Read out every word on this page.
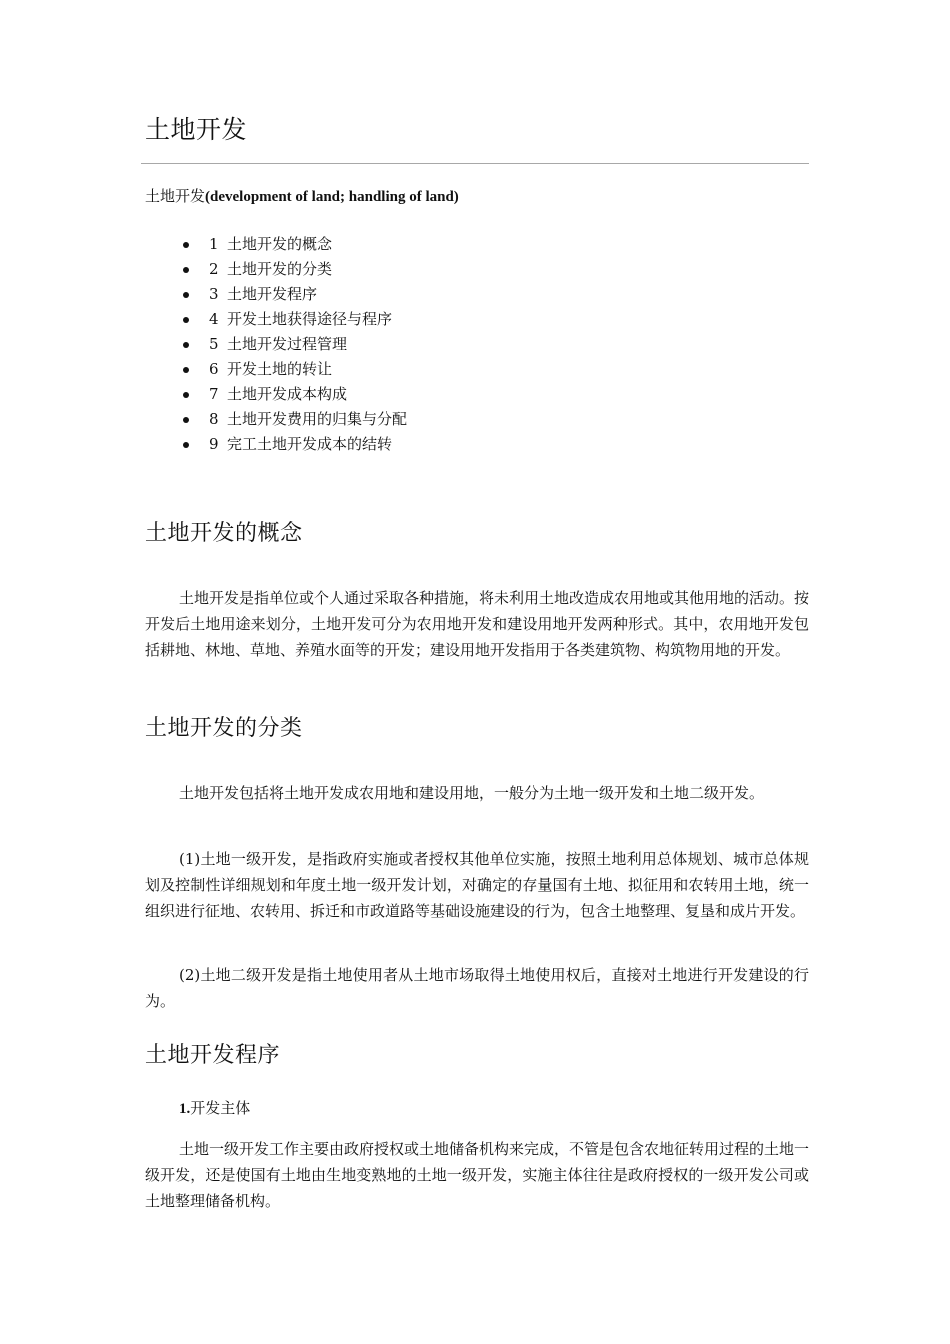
土地开发

土地开发(development of land; handling of land)

1 土地开发的概念
2 土地开发的分类
3 土地开发程序
4 开发土地获得途径与程序
5 土地开发过程管理
6 开发土地的转让
7 土地开发成本构成
8 土地开发费用的归集与分配
9 完工土地开发成本的结转
土地开发的概念

土地开发是指单位或个人通过采取各种措施，将未利用土地改造成农用地或其他用地的活动。按开发后土地用途来划分，土地开发可分为农用地开发和建设用地开发两种形式。其中，农用地开发包括耕地、林地、草地、养殖水面等的开发；建设用地开发指用于各类建筑物、构筑物用地的开发。

土地开发的分类

土地开发包括将土地开发成农用地和建设用地，一般分为土地一级开发和土地二级开发。

(1)土地一级开发，是指政府实施或者授权其他单位实施，按照土地利用总体规划、城市总体规划及控制性详细规划和年度土地一级开发计划，对确定的存量国有土地、拟征用和农转用土地，统一组织进行征地、农转用、拆迁和市政道路等基础设施建设的行为，包含土地整理、复垦和成片开发。

(2)土地二级开发是指土地使用者从土地市场取得土地使用权后，直接对土地进行开发建设的行为。

土地开发程序

1.开发主体

土地一级开发工作主要由政府授权或土地储备机构来完成，不管是包含农地征转用过程的土地一级开发，还是使国有土地由生地变熟地的土地一级开发，实施主体往往是政府授权的一级开发公司或土地整理储备机构。
